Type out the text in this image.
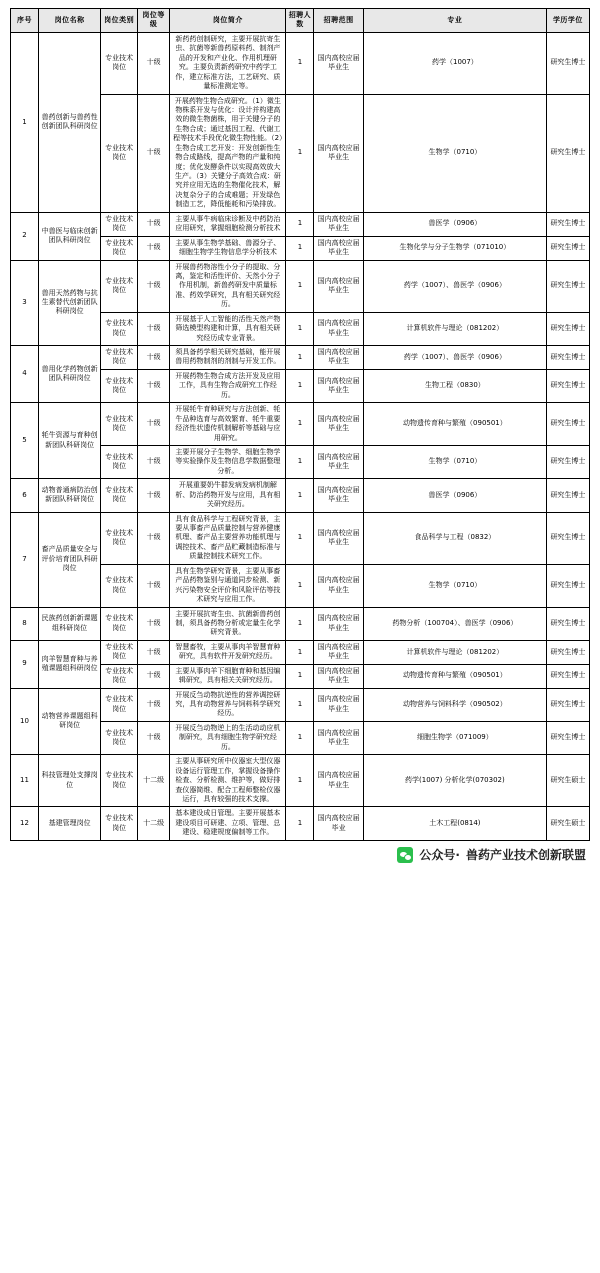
序号	岗位名称	岗位类别	岗位等级	岗位简介	招聘人数	招聘范围	专业	学历学位
1	兽药创新与兽药性创新团队科研岗位	专业技术岗位	十级	新药药创制研究，主要开展抗寄生虫、抗菌等新兽药原料药、制剂产品的开发和产业化、作用机理研究。主要负责新药研究中药学工作，建立标准方法，工艺研究、质量标准测定等。	1	国内高校应届毕业生	药学（1007）	研究生博士
		专业技术岗位	十级	开展药物生物合成研究。（1）微生物株系开发与优化：设计并构建高效的微生物菌株，用于关键分子的生物合成；通过基因工程、代谢工程等技术手段优化微生物性能。（2）生物合成工艺开发：开发创新性生物合成路线，提高产物的产量和纯度；优化发酵条件以实现高效放大生产。（3）关键分子高效合成：研究并应用无选的生物催化技术，解决复杂分子的合成难题；开发绿色制造工艺，降低能耗和污染排放。	1	国内高校应届毕业生	生物学（0710）	研究生博士
2	中兽医与临床创新团队科研岗位	专业技术岗位	十级	主要从事牛病临床诊断及中药防治应用研究，掌握细胞检测分析技术	1	国内高校应届毕业生	兽医学（0906）	研究生博士
		专业技术岗位	十级	主要从事生物学基础、兽源分子、细胞生物学生物信息学分析技术	1	国内高校应届毕业生	生物化学与分子生物学（071010）	研究生博士
3	兽用天然药物与抗生素替代创新团队科研岗位	专业技术岗位	十级	开展兽药物溶性小分子的提取、分离，鉴定和活性评价、天然小分子作用机制，新兽药研发中质量标准、药效学研究，具有相关研究经历。	1	国内高校应届毕业生	药学（1007）、兽医学（0906）	研究生博士
		专业技术岗位	十级	开展基于人工智能的活性天然产物筛选模型构建和计算，具有相关研究经历成专业背景。	1	国内高校应届毕业生	计算机软件与理论（081202）	研究生博士
4	兽用化学药物创新团队科研岗位	专业技术岗位	十级	须具备药学相关研究基础，能开展兽用药物制剂的剂制与开发工作。	1	国内高校应届毕业生	药学（1007）、兽医学（0906）	研究生博士
		专业技术岗位	十级	开展药物生物合成方法开发及应用工作，具有生物合成研究工作经历。	1	国内高校应届毕业生	生物工程（0830）	研究生博士
5	牦牛资源与育种创新团队科研岗位	专业技术岗位	十级	开展牦牛育种研究与方法创新、牦牛品种选育与高效繁育、牦牛重要经济性状遗传机制解析等基础与应用研究。	1	国内高校应届毕业生	动物遗传育种与繁殖（090501）	研究生博士
		专业技术岗位	十级	主要开展分子生物学、细胞生物学等实验操作及生物信息学数据整理分析。	1	国内高校应届毕业生	生物学（0710）	研究生博士
6	动物普通病防治创新团队科研岗位	专业技术岗位	十级	开展重要奶牛群发病发病机制解析、防治药物开发与应用，具有相关研究经历。	1	国内高校应届毕业生	兽医学（0906）	研究生博士
7	畜产品质量安全与评价培育团队科研岗位	专业技术岗位	十级	具有食品科学与工程研究背景，主要从事畜产品质量控制与营养健康机理、畜产品主要营养功能机理与调控技术、畜产品贮藏制造标准与质量控制技术研究工作。	1	国内高校应届毕业生	食品科学与工程（0832）	研究生博士
		专业技术岗位	十级	具有生物学研究背景，主要从事畜产品药物鉴别与通道同步检测、新兴污染物安全评价和风险评估等技术研究与应用工作。	1	国内高校应届毕业生	生物学（0710）	研究生博士
8	民族药创新新课题组科研岗位	专业技术岗位	十级	主要开展抗寄生虫、抗菌新兽药创制，须具备药物分析或定量生化学研究背景。	1	国内高校应届毕业生	药物分析（100704）、兽医学（0906）	研究生博士
9	肉羊智慧育种与养殖课题组科研岗位	专业技术岗位	十级	智慧畜牧，主要从事肉羊智慧育种研究，具有软件开发研究经历。	1	国内高校应届毕业生	计算机软件与理论（081202）	研究生博士
		专业技术岗位	十级	主要从事肉羊下细胞育种和基因编辑研究，具有相关关研究经历。	1	国内高校应届毕业生	动物遗传育种与繁殖（090501）	研究生博士
10	动物营养课题组科研岗位	专业技术岗位	十级	开展反刍动物抗逆性的营养调控研究，具有动物营养与饲料科学研究经历。	1	国内高校应届毕业生	动物营养与饲料科学（090502）	研究生博士
		专业技术岗位	十级	开展反刍动物逆上的生活动动应机制研究，具有细胞生物学研究经历。	1	国内高校应届毕业生	细胞生物学（071009）	研究生博士
11	科技管理处支撑岗位	专业技术岗位	十二级	主要从事研究所中仪器室大型仪器设备运行管理工作，掌握设备操作检查、分析检测、维护等，做好排查仪器简维、配合工程师整检仪器运行，具有较强的技术支撑。	1	国内高校应届毕业生	药学(1007) 分析化学(070302)	研究生硕士
12	基建管理岗位	专业技术岗位	十二级	基本建设成日管理。主要开展基本建设项目可研建、立项、管理、总建设、稳建规度偏制等工作。	1	国内高校应届毕业	土木工程(0814)	研究生硕士
公众号· 兽药产业技术创新联盟
